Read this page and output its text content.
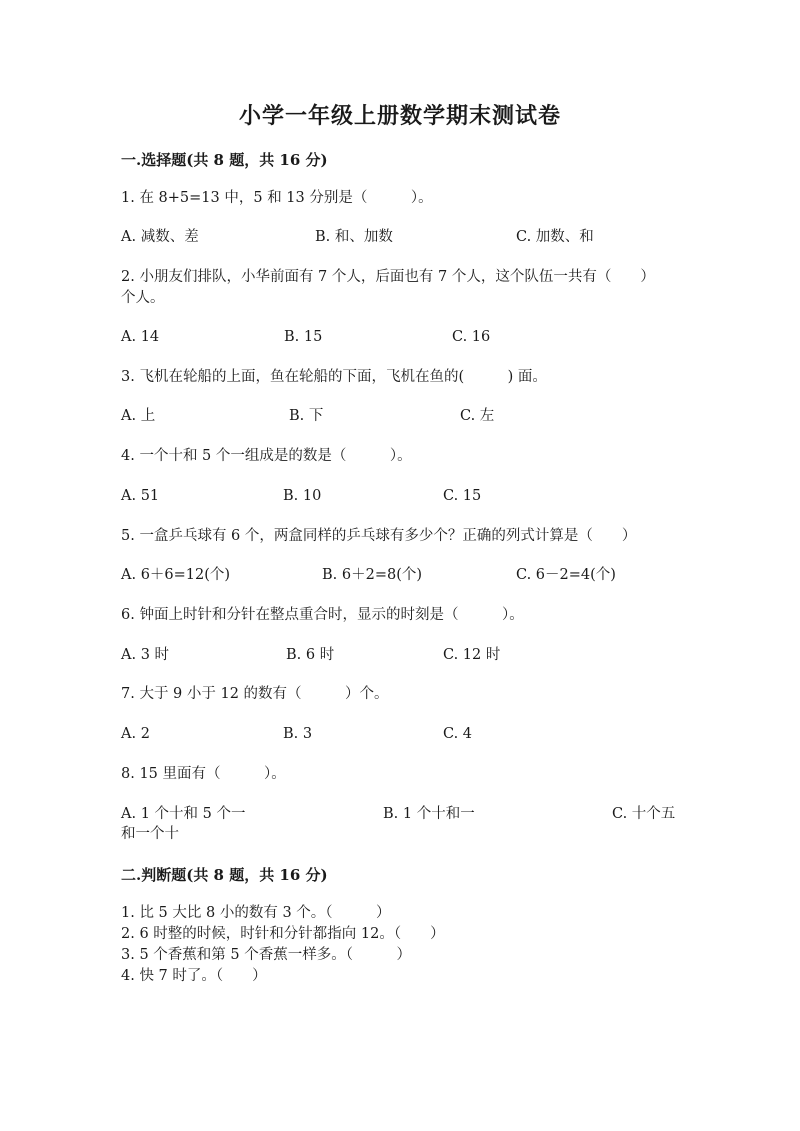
小学一年级上册数学期末测试卷
一.选择题(共 8 题，共 16 分)
1. 在 8+5=13 中，5 和 13 分别是（　　　）。
A. 减数、差	B. 和、加数	C. 加数、和
2. 小朋友们排队，小华前面有 7 个人，后面也有 7 个人，这个队伍一共有（　　）个人。
A. 14	B. 15	C. 16
3. 飞机在轮船的上面，鱼在轮船的下面，飞机在鱼的(　　　) 面。
A. 上	B. 下	C. 左
4. 一个十和 5 个一组成是的数是（　　　）。
A. 51	B. 10	C. 15
5. 一盒乒乓球有 6 个，两盒同样的乒乓球有多少个？正确的列式计算是（　　）
A. 6＋6=12(个)	B. 6＋2=8(个)	C. 6－2=4(个)
6. 钟面上时针和分针在整点重合时，显示的时刻是（　　　）。
A. 3 时	B. 6 时	C. 12 时
7. 大于 9 小于 12 的数有（　　　）个。
A. 2	B. 3	C. 4
8. 15 里面有（　　　）。
A. 1 个十和 5 个一	B. 1 个十和一	C. 十个五
和一个十
二.判断题(共 8 题，共 16 分)
1. 比 5 大比 8 小的数有 3 个。（　　　）
2. 6 时整的时候，时针和分针都指向 12。（　　）
3. 5 个香蕉和第 5 个香蕉一样多。（　　　）
4. 快 7 时了。（　　）
